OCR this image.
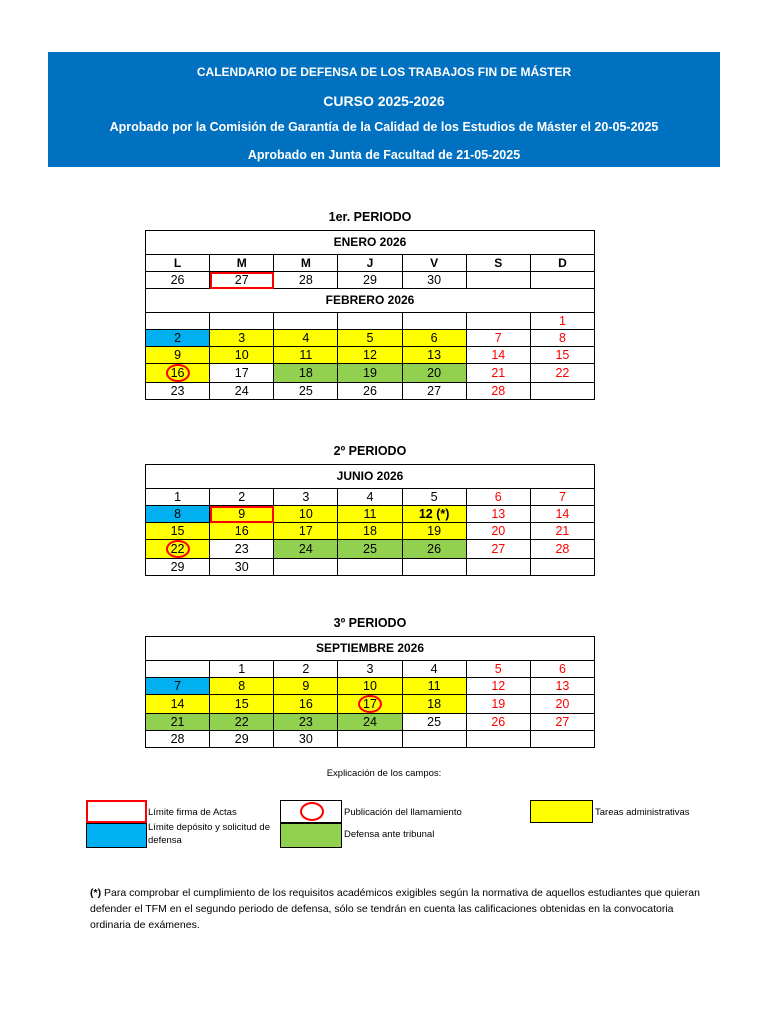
CALENDARIO DE DEFENSA DE LOS TRABAJOS FIN DE MÁSTER
CURSO 2025-2026
Aprobado por la Comisión de Garantía de la Calidad de los Estudios de Máster el 20-05-2025
Aprobado en Junta de Facultad de 21-05-2025
1er. PERIODO
ENERO 2026						
L	M	M	J	V	S	D
26	27	28	29	30		
FEBRERO 2026						
						1
2	3	4	5	6	7	8
9	10	11	12	13	14	15
16	17	18	19	20	21	22
23	24	25	26	27	28	
2º PERIODO
JUNIO 2026						
1	2	3	4	5	6	7
8	9	10	11	12 (*)	13	14
15	16	17	18	19	20	21
22	23	24	25	26	27	28
29	30					
3º PERIODO
SEPTIEMBRE 2026						
	1	2	3	4	5	6
7	8	9	10	11	12	13
14	15	16	17	18	19	20
21	22	23	24	25	26	27
28	29	30				
Explicación de los campos:
Límite firma de Actas
Límite depósito y solicitud de defensa
Publicación del llamamiento
Defensa ante tribunal
Tareas administrativas
(*) Para comprobar el cumplimiento de los requisitos académicos exigibles según la normativa de aquellos estudiantes que quieran defender el TFM en el segundo periodo de defensa, sólo se tendrán en cuenta las calificaciones obtenidas en la convocatoria ordinaria de exámenes.
